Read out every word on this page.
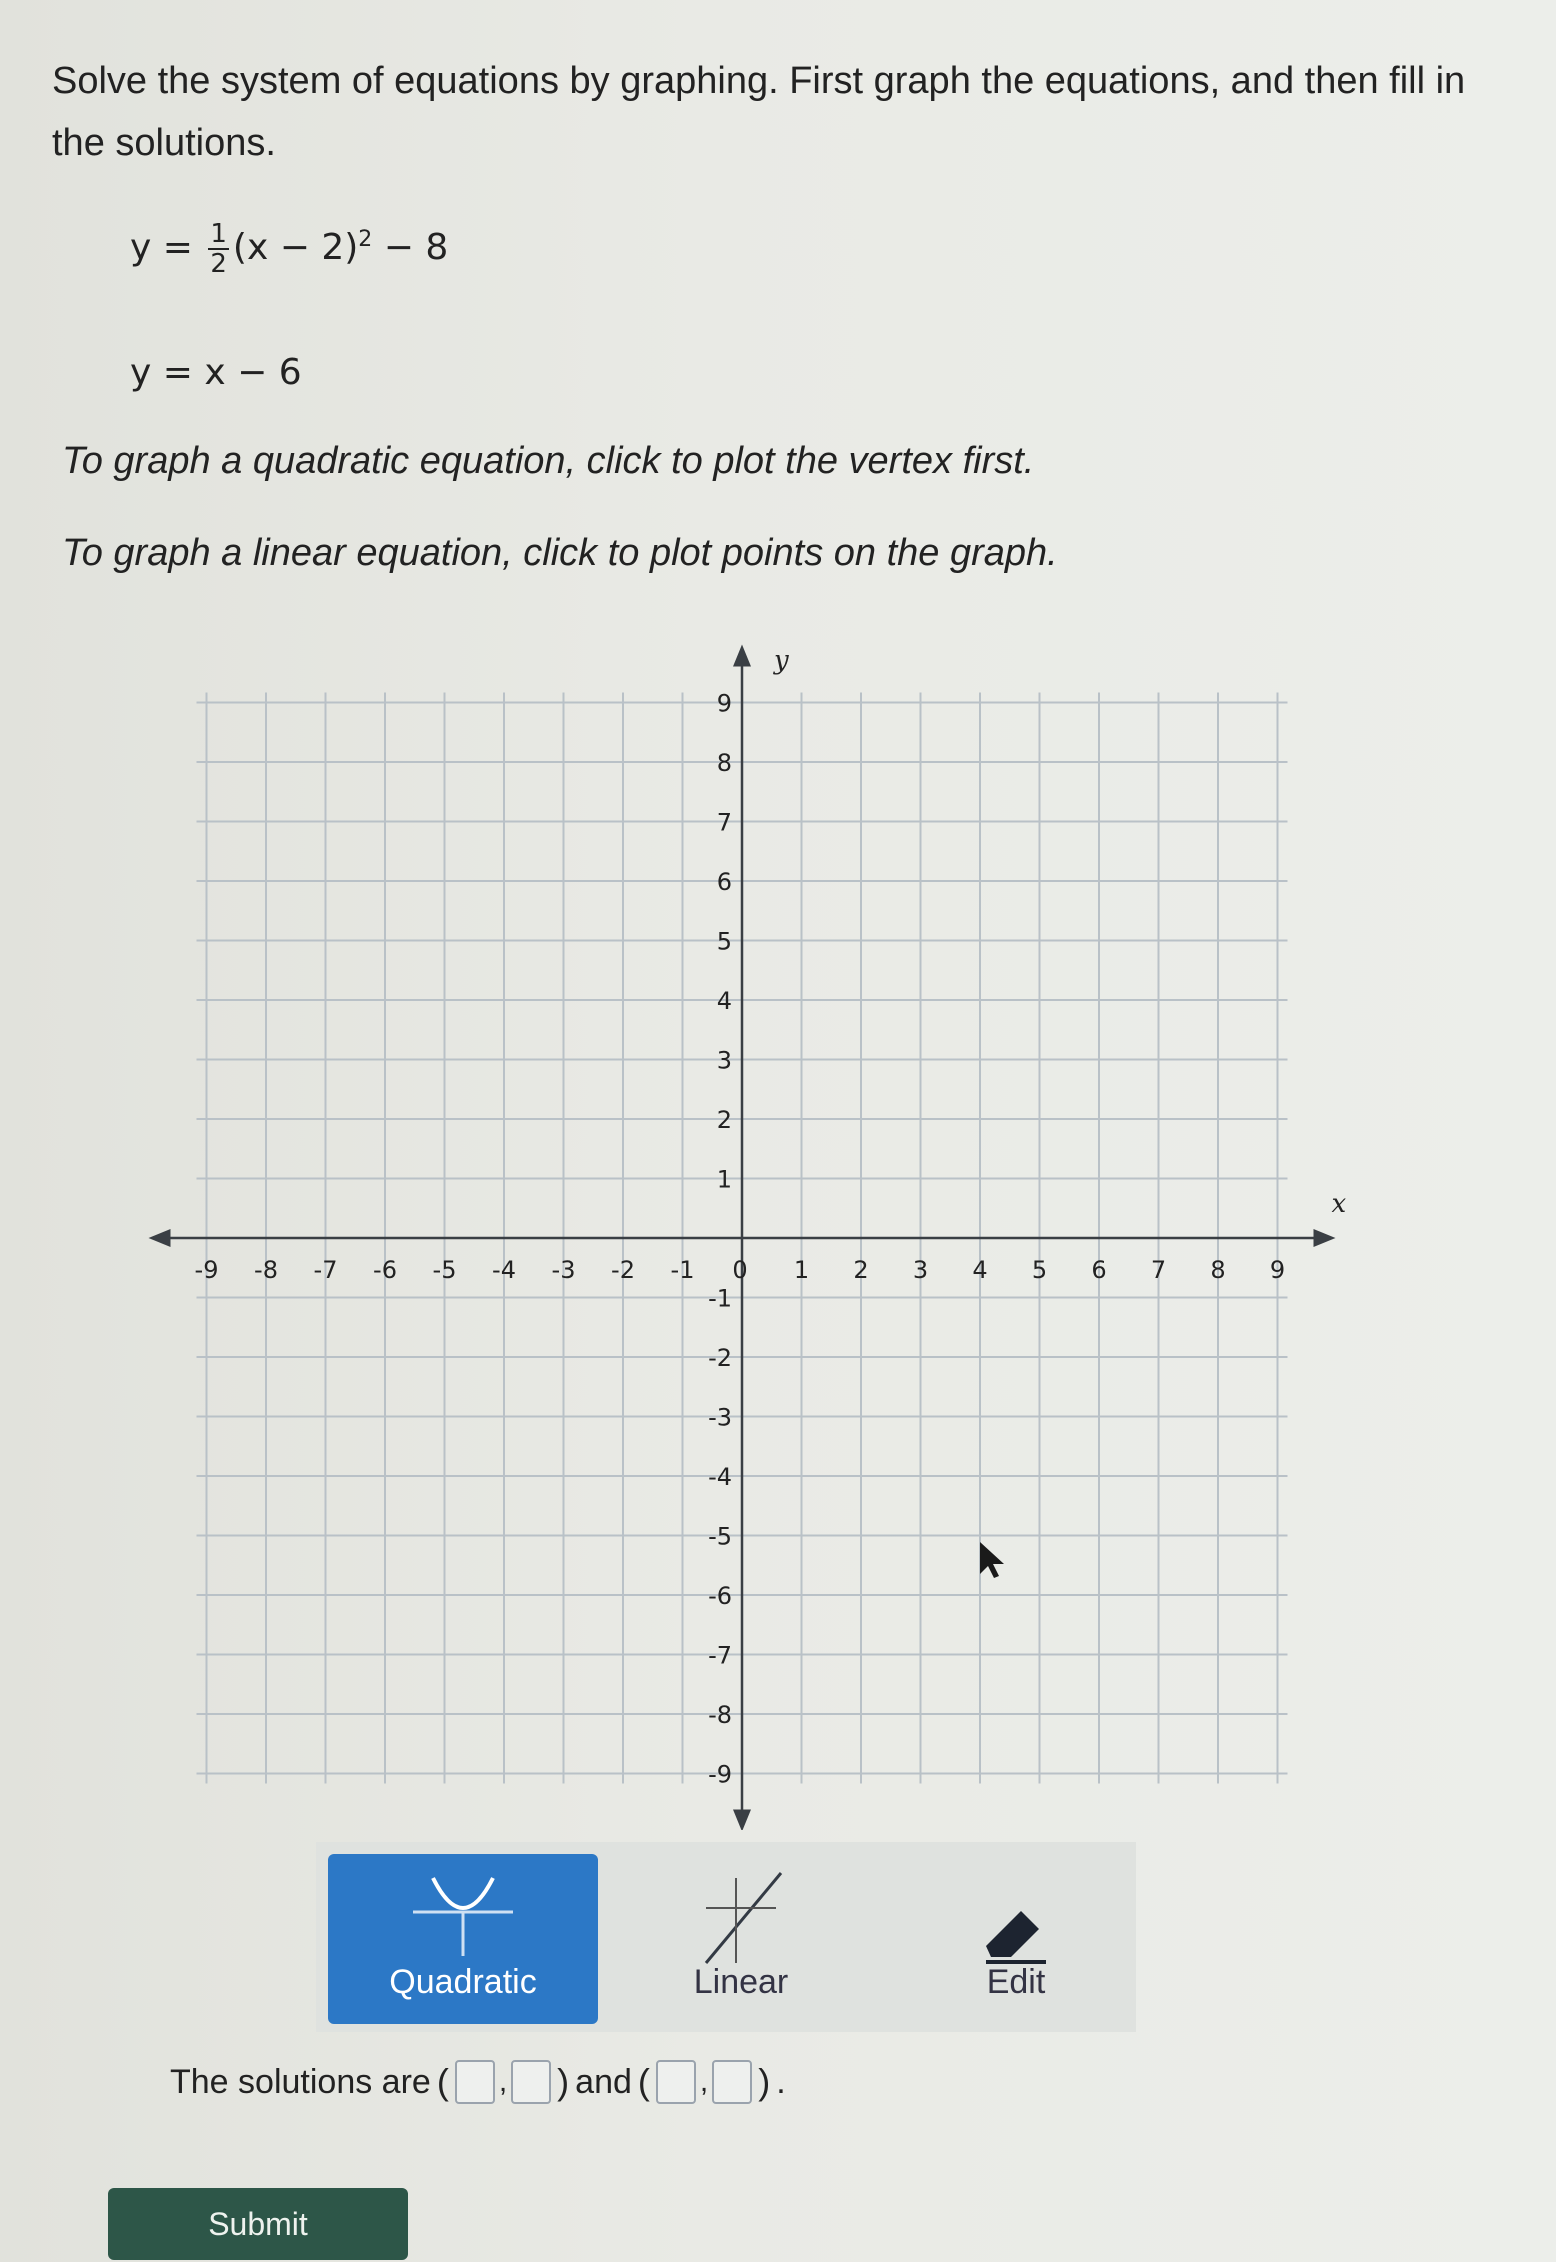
Solve the system of equations by graphing. First graph the equations, and then fill in the solutions.
$y = \frac{1}{2} (x - 2)^2 - 8$
y = x − 6
To graph a quadratic equation, click to plot the vertex first.
To graph a linear equation, click to plot points on the graph.
x
y
-9 -8 -7 -6 -5 -4 -3 -2 -1	1 2 3 4 5 6 7 8 9
9
8
7
6
5
4
3
2
1
-1
-2
-3
-4
-5
-6
-7
-8
-9
0
Quadratic	Linear	Edit
The solutions are ( , ) and ( , ) .
Submit
